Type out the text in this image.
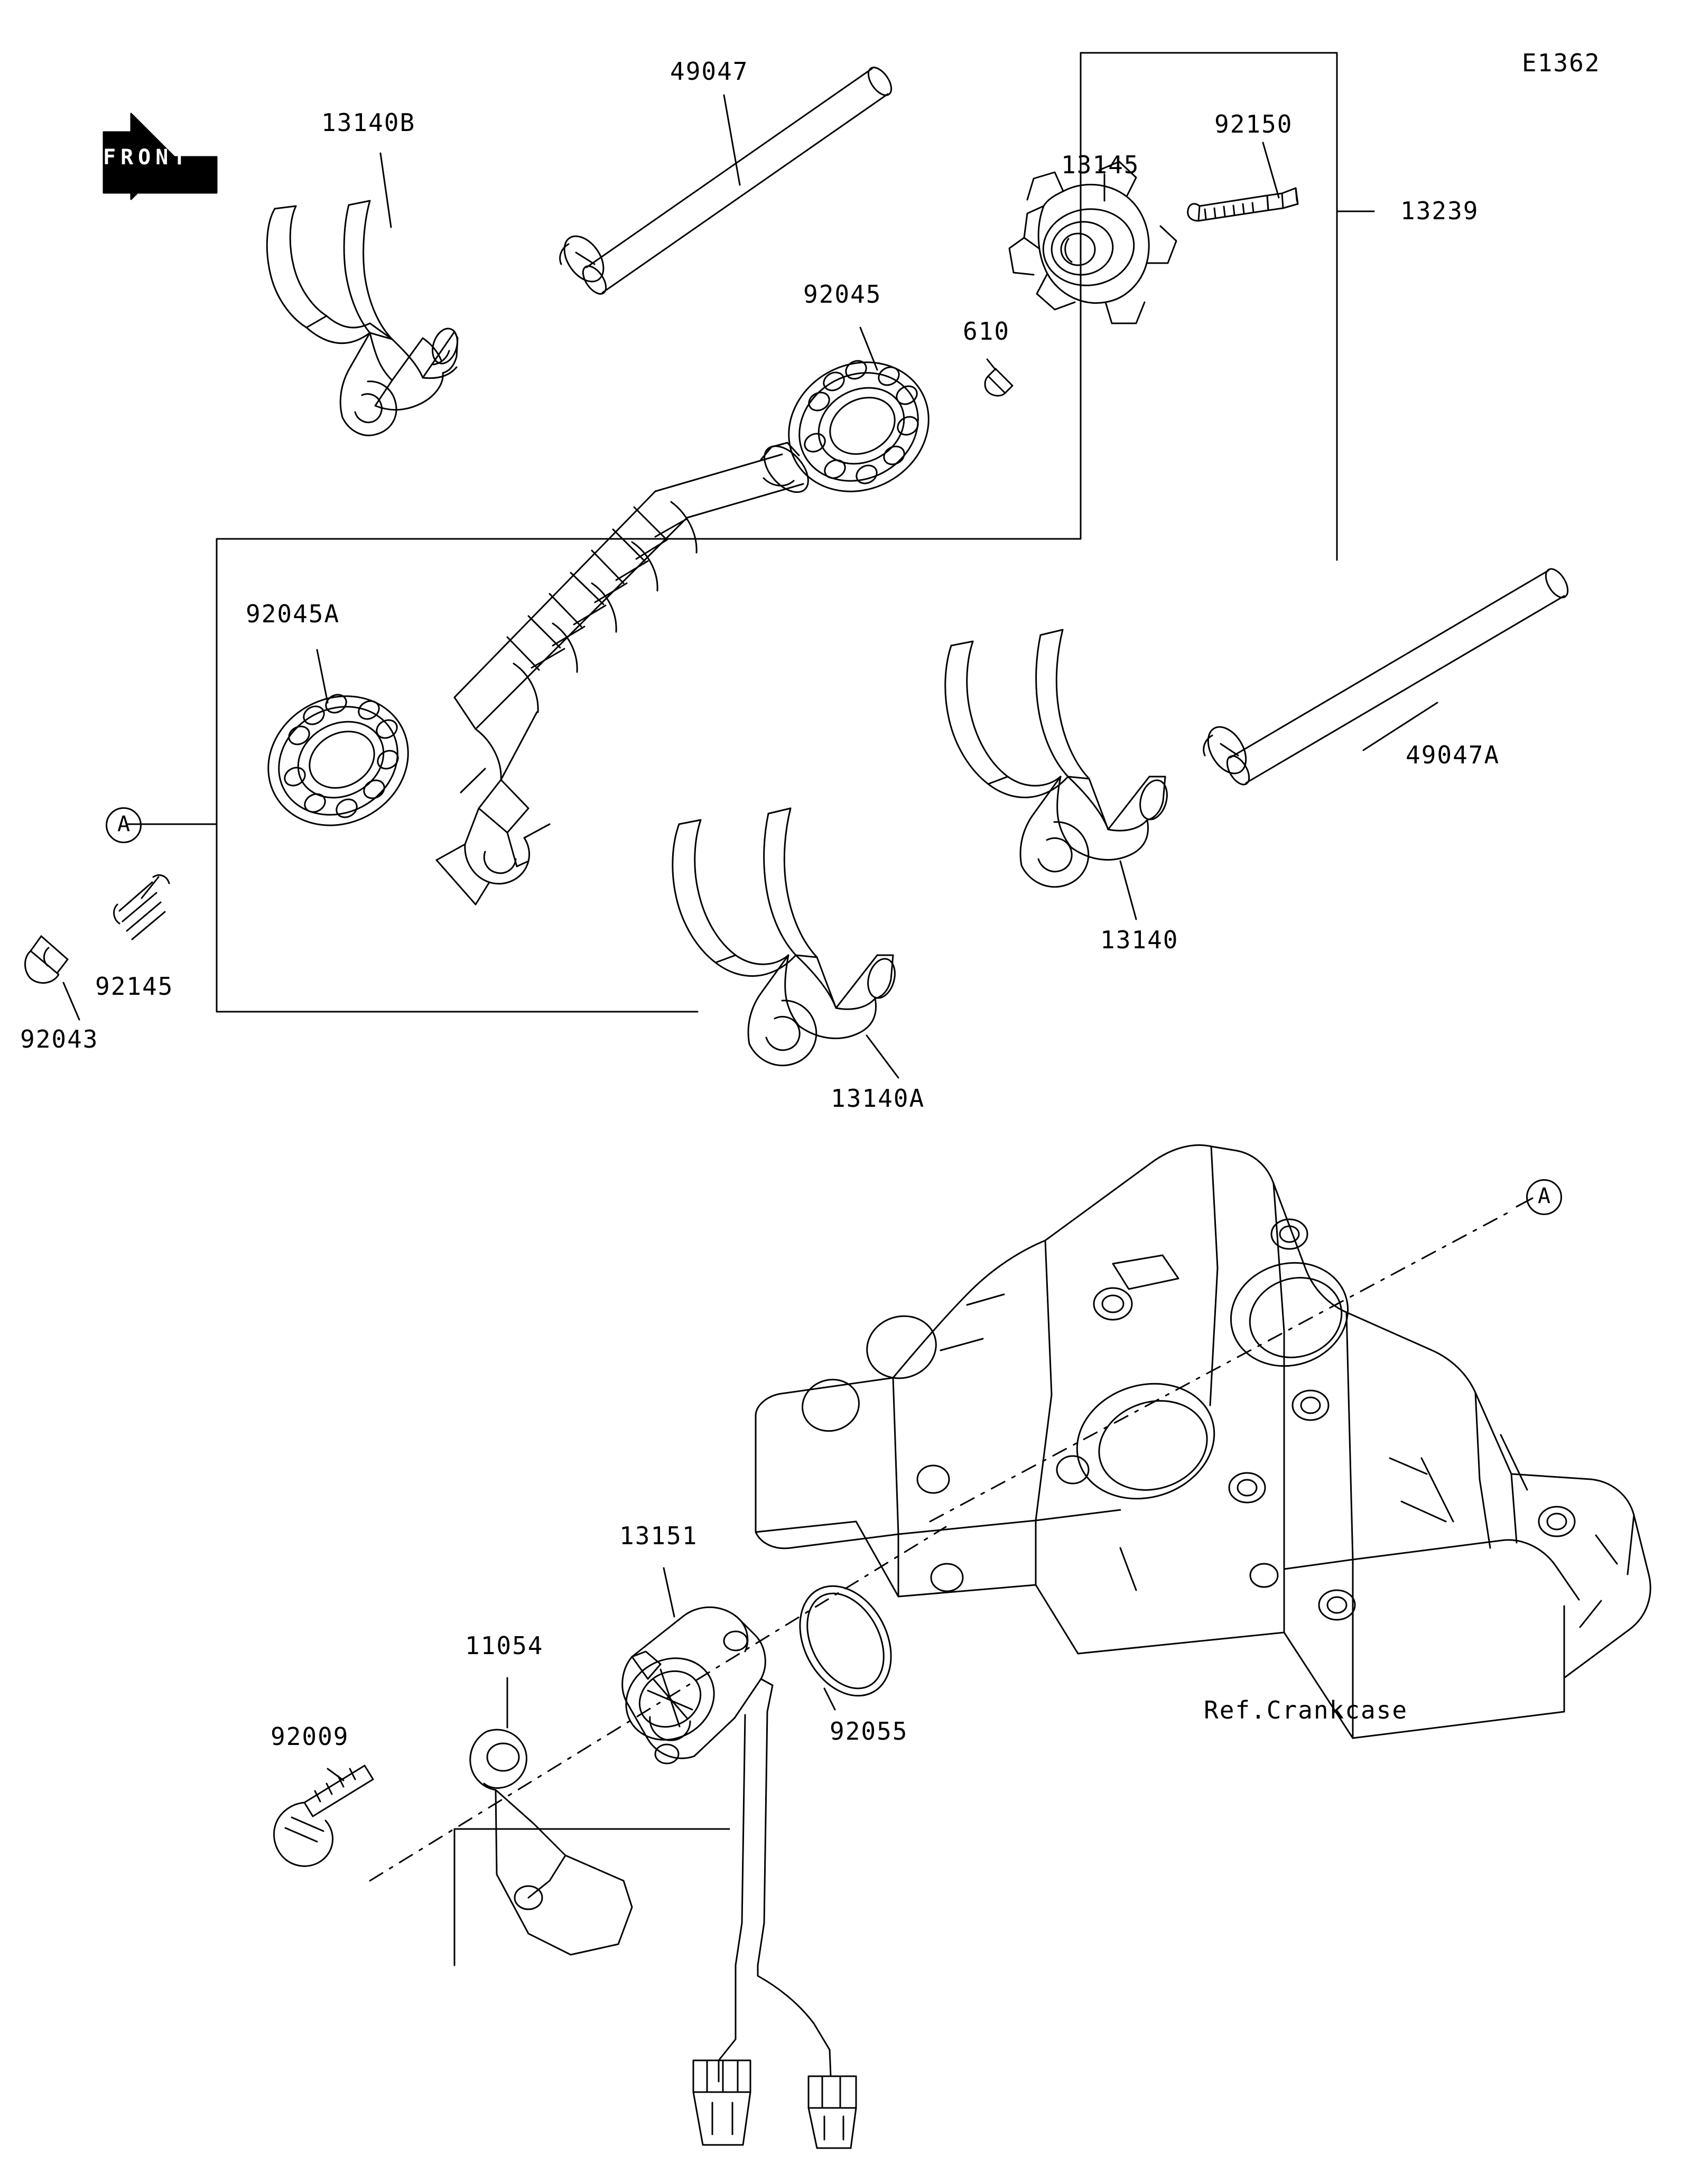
E1362
FRONT
13140B
49047
92150
13145
13239
92045
610
92045A
92145
92043
49047A
13140
13140A
13151
11054
92009	92055
Ref.Crankcase
A
A
